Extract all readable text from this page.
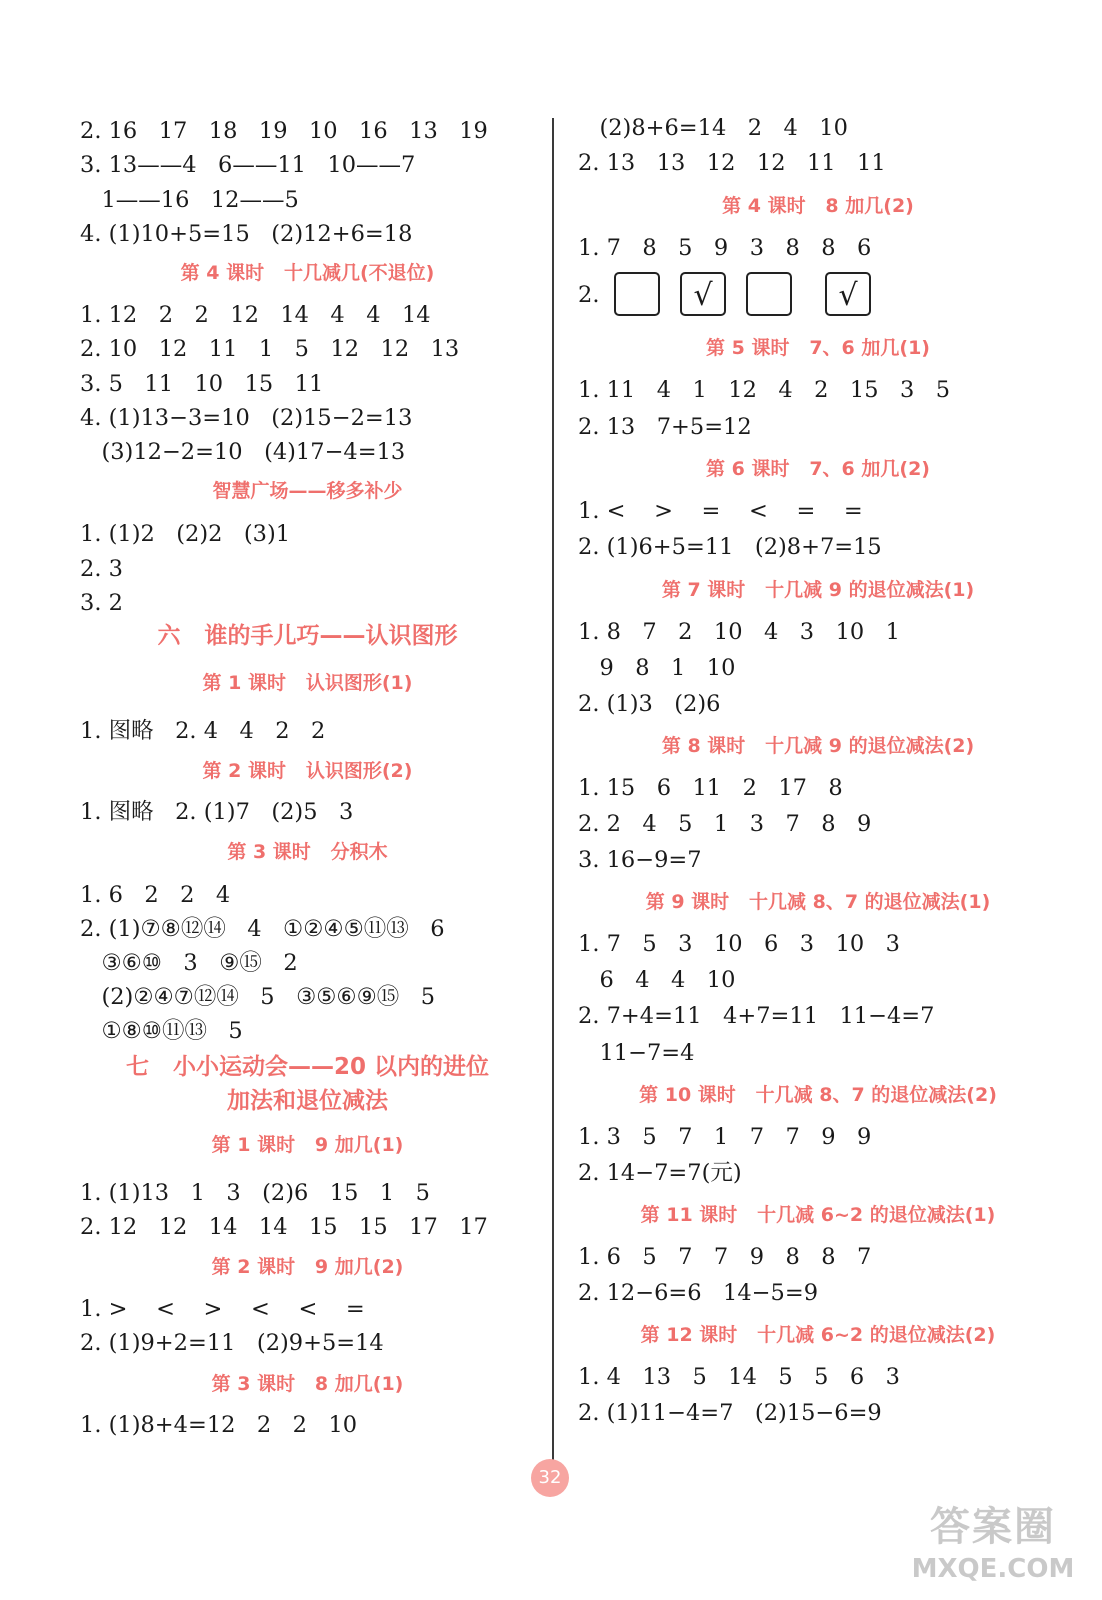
2. 16   17   18   19   10   16   13   19
3. 13——4   6——11   10——7
1——16   12——5
4. (1)10+5=15   (2)12+6=18
第 4 课时   十几减几(不退位)
1. 12   2   2   12   14   4   4   14
2. 10   12   11   1   5   12   12   13
3. 5   11   10   15   11
4. (1)13−3=10   (2)15−2=13
(3)12−2=10   (4)17−4=13
智慧广场——移多补少
1. (1)2   (2)2   (3)1
2. 3
3. 2
六   谁的手儿巧——认识图形
第 1 课时   认识图形(1)
1. 图略   2. 4   4   2   2
第 2 课时   认识图形(2)
1. 图略   2. (1)7   (2)5   3
第 3 课时   分积木
1. 6   2   2   4
2. (1)⑦⑧⑫⑭   4   ①②④⑤⑪⑬   6
③⑥⑩   3   ⑨⑮   2
(2)②④⑦⑫⑭   5   ③⑤⑥⑨⑮   5
①⑧⑩⑪⑬   5
七   小小运动会——20 以内的进位
加法和退位减法
第 1 课时   9 加几(1)
1. (1)13   1   3   (2)6   15   1   5
2. 12   12   14   14   15   15   17   17
第 2 课时   9 加几(2)
1. >    <    >    <    <    =
2. (1)9+2=11   (2)9+5=14
第 3 课时   8 加几(1)
1. (1)8+4=12   2   2   10
(2)8+6=14   2   4   10
2. 13   13   12   12   11   11
第 4 课时   8 加几(2)
1. 7   8   5   9   3   8   8   6
2.	√	√
第 5 课时   7、6 加几(1)
1. 11   4   1   12   4   2   15   3   5
2. 13   7+5=12
第 6 课时   7、6 加几(2)
1. <    >    =    <    =    =
2. (1)6+5=11   (2)8+7=15
第 7 课时   十几减 9 的退位减法(1)
1. 8   7   2   10   4   3   10   1
9   8   1   10
2. (1)3   (2)6
第 8 课时   十几减 9 的退位减法(2)
1. 15   6   11   2   17   8
2. 2   4   5   1   3   7   8   9
3. 16−9=7
第 9 课时   十几减 8、7 的退位减法(1)
1. 7   5   3   10   6   3   10   3
6   4   4   10
2. 7+4=11   4+7=11   11−4=7
11−7=4
第 10 课时   十几减 8、7 的退位减法(2)
1. 3   5   7   1   7   7   9   9
2. 14−7=7(元)
第 11 课时   十几减 6~2 的退位减法(1)
1. 6   5   7   7   9   8   8   7
2. 12−6=6   14−5=9
第 12 课时   十几减 6~2 的退位减法(2)
1. 4   13   5   14   5   5   6   3
2. (1)11−4=7   (2)15−6=9
32
答案圈
MXQE.COM
